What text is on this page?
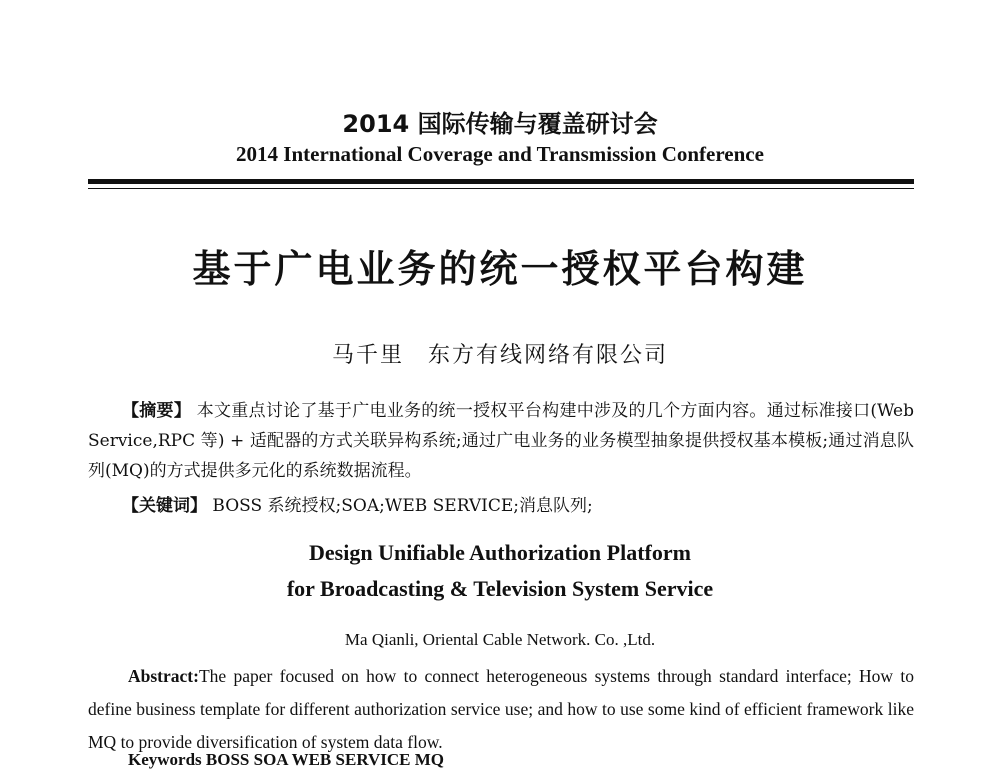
2014 国际传输与覆盖研讨会
2014 International Coverage and Transmission Conference
基于广电业务的统一授权平台构建
马千里　东方有线网络有限公司
【摘要】 本文重点讨论了基于广电业务的统一授权平台构建中涉及的几个方面内容。通过标准接口(Web Service,RPC 等) + 适配器的方式关联异构系统;通过广电业务的业务模型抽象提供授权基本模板;通过消息队列(MQ)的方式提供多元化的系统数据流程。
【关键词】 BOSS 系统授权;SOA;WEB SERVICE;消息队列;
Design Unifiable Authorization Platform
for Broadcasting & Television System Service
Ma Qianli, Oriental Cable Network. Co. ,Ltd.
Abstract:The paper focused on how to connect heterogeneous systems through standard interface; How to define business template for different authorization service use; and how to use some kind of efficient framework like MQ to provide diversification of system data flow.
Keywords BOSS SOA WEB SERVICE MQ
